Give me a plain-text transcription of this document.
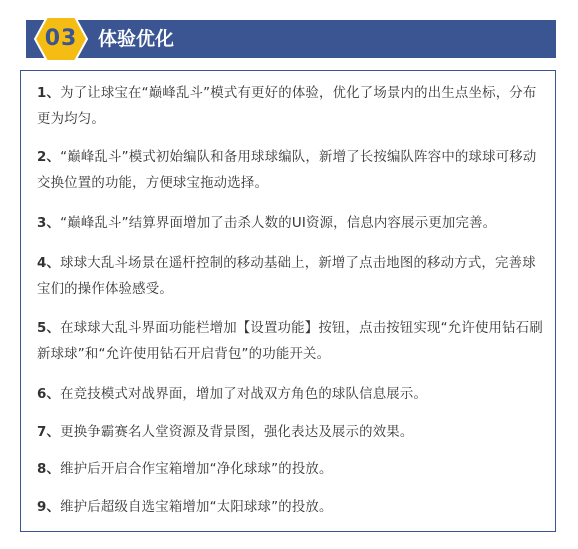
03	体验优化
1、为了让球宝在“巅峰乱斗”模式有更好的体验，优化了场景内的出生点坐标，分布更为均匀。
2、“巅峰乱斗”模式初始编队和备用球球编队，新增了长按编队阵容中的球球可移动交换位置的功能，方便球宝拖动选择。
3、“巅峰乱斗”结算界面增加了击杀人数的UI资源，信息内容展示更加完善。
4、球球大乱斗场景在遥杆控制的移动基础上，新增了点击地图的移动方式，完善球宝们的操作体验感受。
5、在球球大乱斗界面功能栏增加【设置功能】按钮，点击按钮实现“允许使用钻石刷新球球”和“允许使用钻石开启背包”的功能开关。
6、在竞技模式对战界面，增加了对战双方角色的球队信息展示。
7、更换争霸赛名人堂资源及背景图，强化表达及展示的效果。
8、维护后开启合作宝箱增加“净化球球”的投放。
9、维护后超级自选宝箱增加“太阳球球”的投放。
